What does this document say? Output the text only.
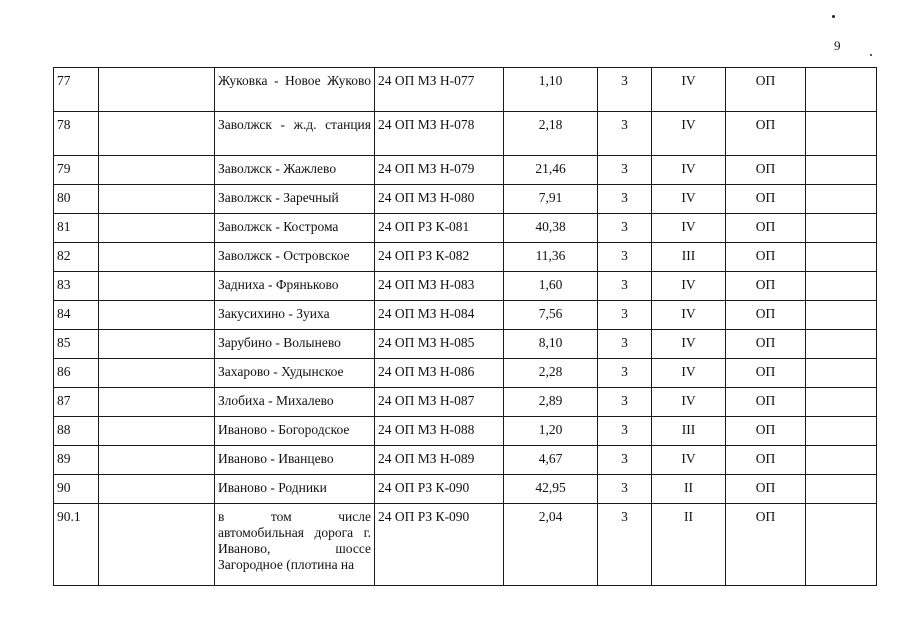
9
77		Жуковка - Новое Жуково	24 ОП МЗ Н-077	1,10	3	IV	ОП	
78		Заволжск - ж.д. станция	24 ОП МЗ Н-078	2,18	3	IV	ОП	
79		Заволжск - Жажлево	24 ОП МЗ Н-079	21,46	3	IV	ОП	
80		Заволжск - Заречный	24 ОП МЗ Н-080	7,91	3	IV	ОП	
81		Заволжск - Кострома	24 ОП РЗ К-081	40,38	3	IV	ОП	
82		Заволжск - Островское	24 ОП РЗ К-082	11,36	3	III	ОП	
83		Задниха - Фряньково	24 ОП МЗ Н-083	1,60	3	IV	ОП	
84		Закусихино - Зуиха	24 ОП МЗ Н-084	7,56	3	IV	ОП	
85		Зарубино - Волынево	24 ОП МЗ Н-085	8,10	3	IV	ОП	
86		Захарово - Худынское	24 ОП МЗ Н-086	2,28	3	IV	ОП	
87		Злобиха - Михалево	24 ОП МЗ Н-087	2,89	3	IV	ОП	
88		Иваново - Богородское	24 ОП МЗ Н-088	1,20	3	III	ОП	
89		Иваново - Иванцево	24 ОП МЗ Н-089	4,67	3	IV	ОП	
90		Иваново - Родники	24 ОП РЗ К-090	42,95	3	II	ОП	
90.1		в том числе автомобильная дорога г. Иваново, шоссе Загородное (плотина на	24 ОП РЗ К-090	2,04	3	II	ОП	
